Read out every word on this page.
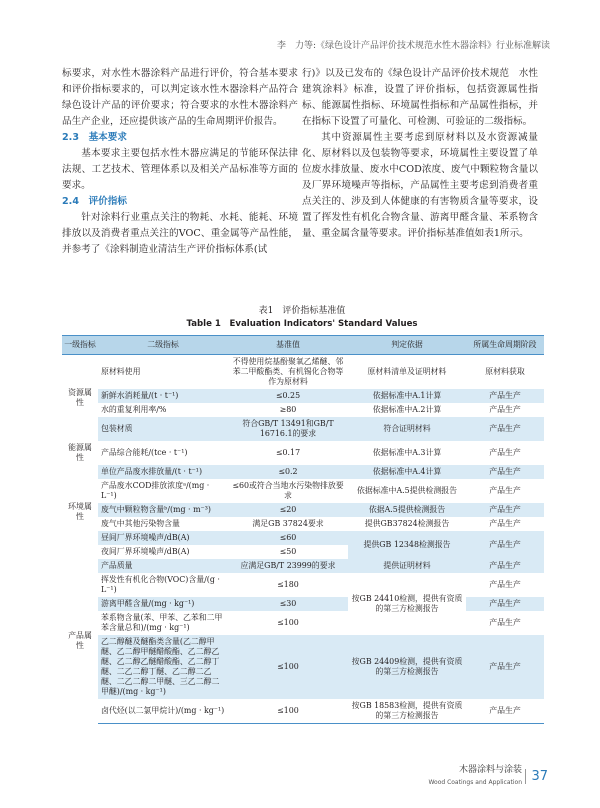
李　力等:《绿色设计产品评价技术规范水性木器涂料》行业标准解读

标要求，对水性木器涂料产品进行评价，符合基本要求和评价指标要求的，可以判定该水性木器涂料产品符合绿色设计产品的评价要求；符合要求的水性木器涂料产品生产企业，还应提供该产品的生命周期评价报告。

2.3　基本要求

基本要求主要包括水性木器应满足的节能环保法律法规、工艺技术、管理体系以及相关产品标准等方面的要求。

2.4　评价指标

针对涂料行业重点关注的物耗、水耗、能耗、环境排放以及消费者重点关注的VOC、重金属等产品性能，并参考了《涂料制造业清洁生产评价指标体系(试

行)》以及已发布的《绿色设计产品评价技术规范　水性建筑涂料》标准，设置了评价指标，包括资源属性指标、能源属性指标、环境属性指标和产品属性指标，并在指标下设置了可量化、可检测、可验证的二级指标。

其中资源属性主要考虑到原材料以及水资源减量化、原材料以及包装物等要求，环境属性主要设置了单位废水排放量、废水中COD浓度、废气中颗粒物含量以及厂界环境噪声等指标，产品属性主要考虑到消费者重点关注的、涉及到人体健康的有害物质含量等要求，设置了挥发性有机化合物含量、游离甲醛含量、苯系物含量、重金属含量等要求。评价指标基准值如表1所示。

表1　评价指标基准值
Table 1　Evaluation Indicators' Standard Values
一级指标	二级指标	基准值	判定依据	所属生命周期阶段
资源属性	原材料使用	不得使用烷基酚聚氧乙烯醚、邻苯二甲酸酯类、有机锡化合物等作为原材料	原材料清单及证明材料	原材料获取
	新鲜水消耗量/(t · t⁻¹)	≤0.25	依据标准中A.1计算	产品生产
	水的重复利用率/%	≥80	依据标准中A.2计算	产品生产
	包装材质	符合GB/T 13491和GB/T 16716.1的要求	符合证明材料	产品生产
能源属性	产品综合能耗/(tce · t⁻¹)	≤0.17	依据标准中A.3计算	产品生产
环境属性	单位产品废水排放量/(t · t⁻¹)	≤0.2	依据标准中A.4计算	产品生产
	产品废水COD排放浓度ᵃ/(mg · L⁻¹)	≤60或符合当地水污染物排放要求	依据标准中A.5提供检测报告	产品生产
	废气中颗粒物含量ᵇ/(mg · m⁻³)	≤20	依据A.5提供检测报告	产品生产
	废气中其他污染物含量	满足GB 37824要求	提供GB37824检测报告	产品生产
	昼间厂界环境噪声/dB(A)	≤60	提供GB 12348检测报告	产品生产
	夜间厂界环境噪声/dB(A)	≤50		
产品属性	产品质量	应满足GB/T 23999的要求	提供证明材料	产品生产
	挥发性有机化合物(VOC)含量/(g · L⁻¹)	≤180	按GB 24410检测，提供有资质的第三方检测报告	产品生产
	游离甲醛含量/(mg · kg⁻¹)	≤30		产品生产
	苯系物含量(苯、甲苯、乙苯和二甲苯含量总和)/(mg · kg⁻¹)	≤100		产品生产
	乙二醇醚及醚酯类含量(乙二醇甲醚、乙二醇甲醚醋酸酯、乙二醇乙醚、乙二醇乙醚醋酸酯、乙二醇丁醚、二乙二醇丁醚、乙二醇二乙醚、二乙二醇二甲醚、三乙二醇二甲醚)/(mg · kg⁻¹)	≤100	按GB 24409检测，提供有资质的第三方检测报告	产品生产
	卤代烃(以二氯甲烷计)/(mg · kg⁻¹)	≤100	按GB 18583检测，提供有资质的第三方检测报告	产品生产
木器涂料与涂装
Wood Coatings and Application 37
